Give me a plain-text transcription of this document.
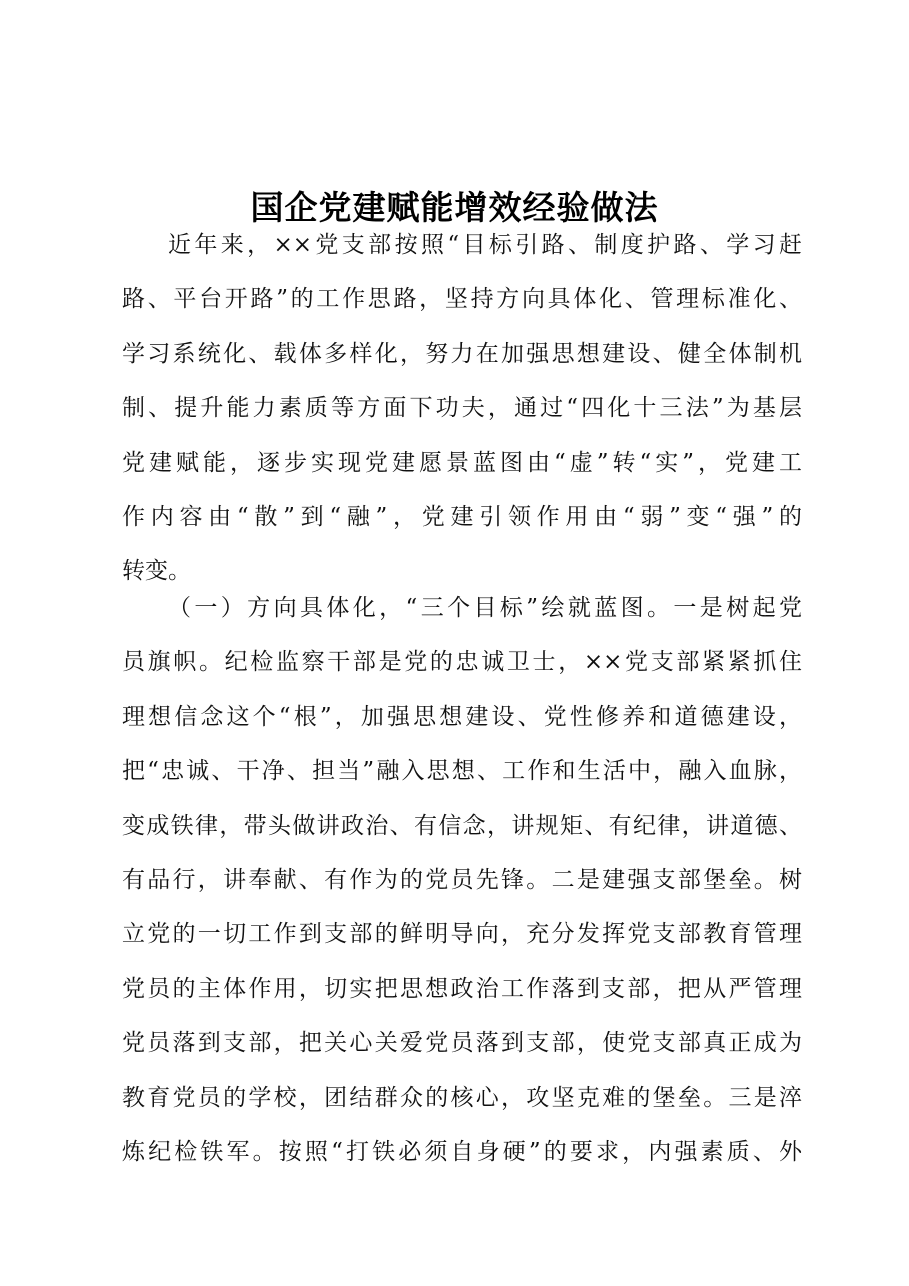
国企党建赋能增效经验做法
近年来，××党支部按照“目标引路、制度护路、学习赶
路、平台开路”的工作思路，坚持方向具体化、管理标准化、
学习系统化、载体多样化，努力在加强思想建设、健全体制机
制、提升能力素质等方面下功夫，通过“四化十三法”为基层
党建赋能，逐步实现党建愿景蓝图由“虚”转“实”，党建工
作内容由“散”到“融”，党建引领作用由“弱”变“强”的
转变。
（一）方向具体化，“三个目标”绘就蓝图。一是树起党
员旗帜。纪检监察干部是党的忠诚卫士，××党支部紧紧抓住
理想信念这个“根”，加强思想建设、党性修养和道德建设，
把“忠诚、干净、担当”融入思想、工作和生活中，融入血脉，
变成铁律，带头做讲政治、有信念，讲规矩、有纪律，讲道德、
有品行，讲奉献、有作为的党员先锋。二是建强支部堡垒。树
立党的一切工作到支部的鲜明导向，充分发挥党支部教育管理
党员的主体作用，切实把思想政治工作落到支部，把从严管理
党员落到支部，把关心关爱党员落到支部，使党支部真正成为
教育党员的学校，团结群众的核心，攻坚克难的堡垒。三是淬
炼纪检铁军。按照“打铁必须自身硬”的要求，内强素质、外
